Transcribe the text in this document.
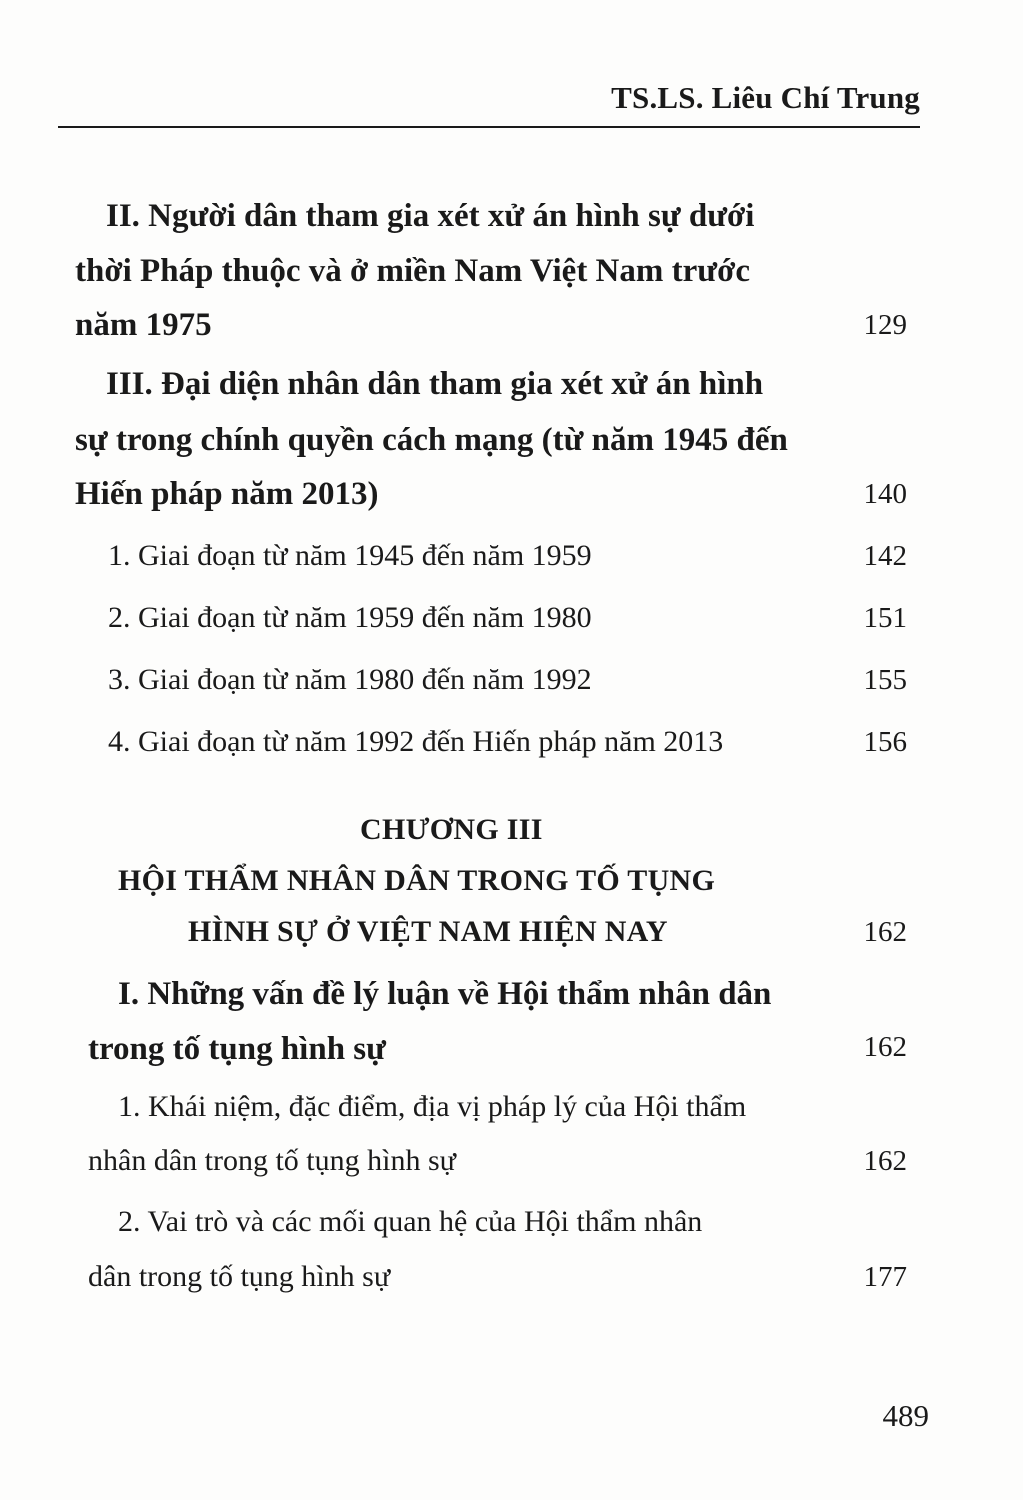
TS.LS. Liêu Chí Trung
II. Người dân tham gia xét xử án hình sự dưới
thời Pháp thuộc và ở miền Nam Việt Nam trước
năm 1975	129
III. Đại diện nhân dân tham gia xét xử án hình
sự trong chính quyền cách mạng (từ năm 1945 đến
Hiến pháp năm 2013)	140
1. Giai đoạn từ năm 1945 đến năm 1959	142
2. Giai đoạn từ năm 1959 đến năm 1980	151
3. Giai đoạn từ năm 1980 đến năm 1992	155
4. Giai đoạn từ năm 1992 đến Hiến pháp năm 2013	156
CHƯƠNG III
HỘI THẨM NHÂN DÂN TRONG TỐ TỤNG
HÌNH SỰ Ở VIỆT NAM HIỆN NAY	162
I. Những vấn đề lý luận về Hội thẩm nhân dân
trong tố tụng hình sự	162
1. Khái niệm, đặc điểm, địa vị pháp lý của Hội thẩm
nhân dân trong tố tụng hình sự	162
2. Vai trò và các mối quan hệ của Hội thẩm nhân
dân trong tố tụng hình sự	177
489
